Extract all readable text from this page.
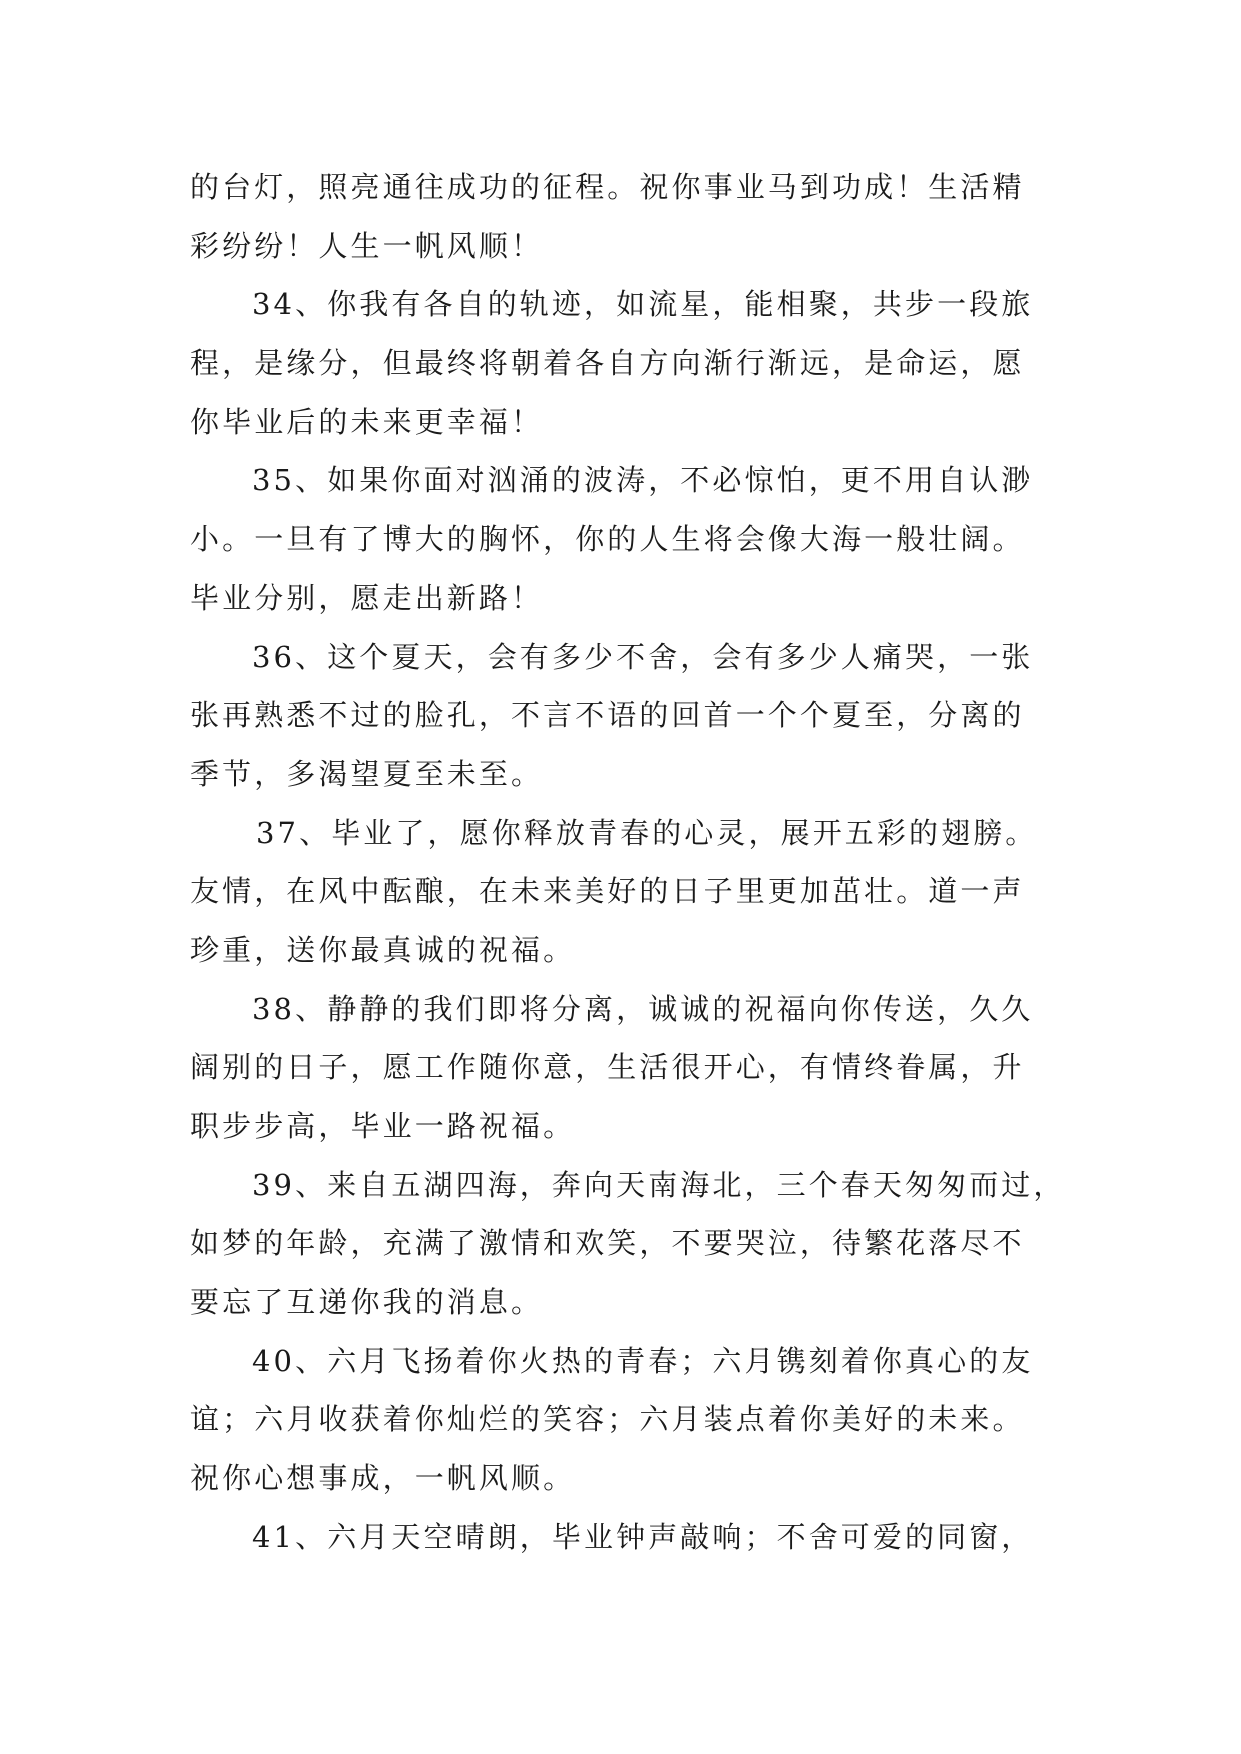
的台灯，照亮通往成功的征程。祝你事业马到功成！生活精
彩纷纷！人生一帆风顺！
34、你我有各自的轨迹，如流星，能相聚，共步一段旅
程，是缘分，但最终将朝着各自方向渐行渐远，是命运，愿
你毕业后的未来更幸福！
35、如果你面对汹涌的波涛，不必惊怕，更不用自认渺
小。一旦有了博大的胸怀，你的人生将会像大海一般壮阔。
毕业分别，愿走出新路！
36、这个夏天，会有多少不舍，会有多少人痛哭，一张
张再熟悉不过的脸孔，不言不语的回首一个个夏至，分离的
季节，多渴望夏至未至。
37、毕业了，愿你释放青春的心灵，展开五彩的翅膀。
友情，在风中酝酿，在未来美好的日子里更加茁壮。道一声
珍重，送你最真诚的祝福。
38、静静的我们即将分离，诚诚的祝福向你传送，久久
阔别的日子，愿工作随你意，生活很开心，有情终眷属，升
职步步高，毕业一路祝福。
39、来自五湖四海，奔向天南海北，三个春天匆匆而过，
如梦的年龄，充满了激情和欢笑，不要哭泣，待繁花落尽不
要忘了互递你我的消息。
40、六月飞扬着你火热的青春；六月镌刻着你真心的友
谊；六月收获着你灿烂的笑容；六月装点着你美好的未来。
祝你心想事成，一帆风顺。
41、六月天空晴朗，毕业钟声敲响；不舍可爱的同窗，
